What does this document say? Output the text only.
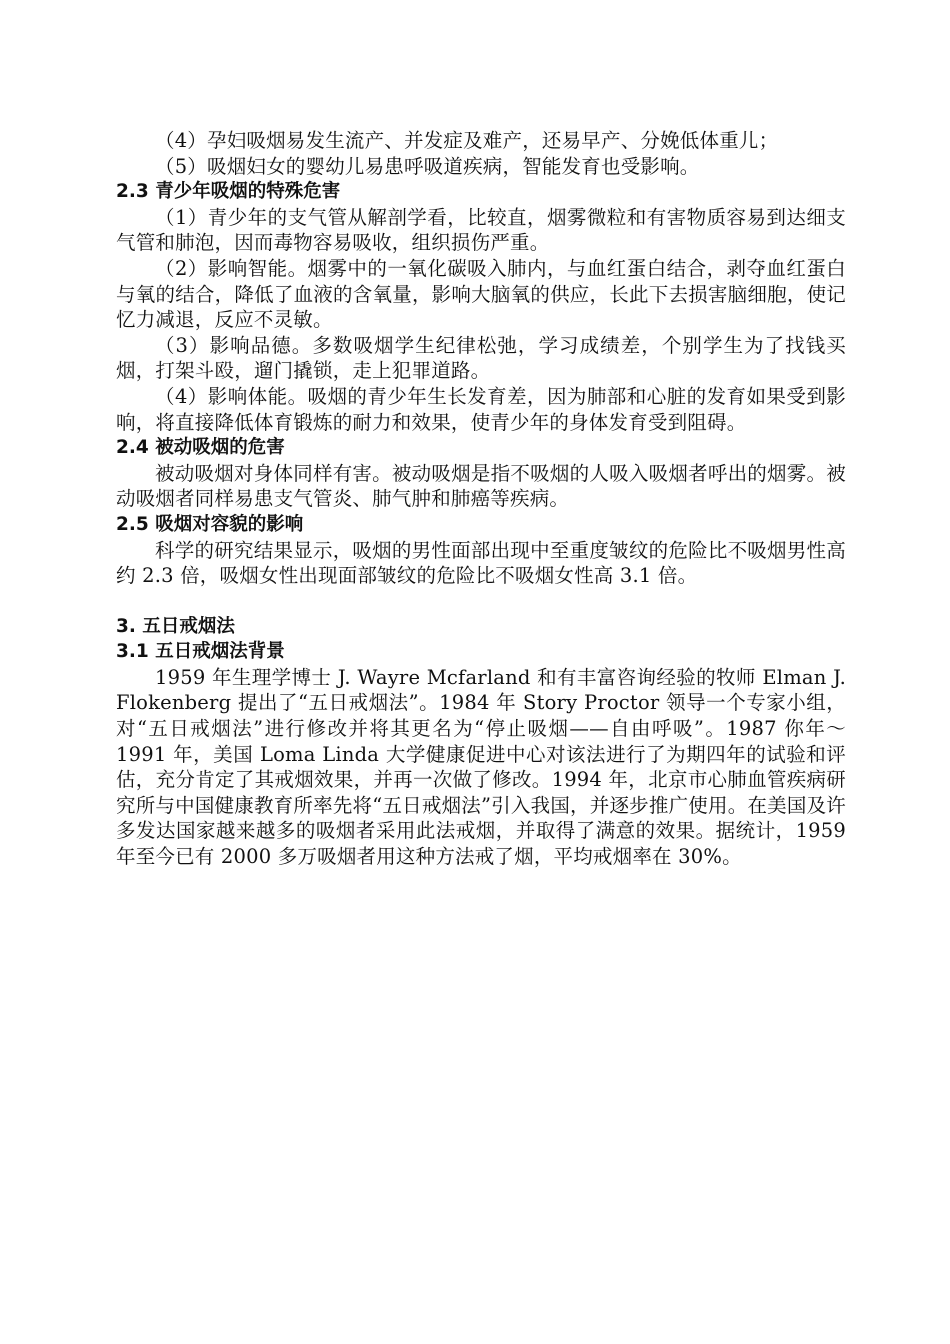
（4）孕妇吸烟易发生流产、并发症及难产，还易早产、分娩低体重儿；

（5）吸烟妇女的婴幼儿易患呼吸道疾病，智能发育也受影响。

2.3 青少年吸烟的特殊危害

（1）青少年的支气管从解剖学看，比较直，烟雾微粒和有害物质容易到达细支气管和肺泡，因而毒物容易吸收，组织损伤严重。

（2）影响智能。烟雾中的一氧化碳吸入肺内，与血红蛋白结合，剥夺血红蛋白与氧的结合，降低了血液的含氧量，影响大脑氧的供应，长此下去损害脑细胞，使记忆力减退，反应不灵敏。

（3）影响品德。多数吸烟学生纪律松弛，学习成绩差，个别学生为了找钱买烟，打架斗殴，遛门撬锁，走上犯罪道路。

（4）影响体能。吸烟的青少年生长发育差，因为肺部和心脏的发育如果受到影响，将直接降低体育锻炼的耐力和效果，使青少年的身体发育受到阻碍。

2.4 被动吸烟的危害

被动吸烟对身体同样有害。被动吸烟是指不吸烟的人吸入吸烟者呼出的烟雾。被动吸烟者同样易患支气管炎、肺气肿和肺癌等疾病。

2.5 吸烟对容貌的影响

科学的研究结果显示，吸烟的男性面部出现中至重度皱纹的危险比不吸烟男性高约 2.3 倍，吸烟女性出现面部皱纹的危险比不吸烟女性高 3.1 倍。

3. 五日戒烟法
3.1 五日戒烟法背景

1959 年生理学博士 J. Wayre Mcfarland 和有丰富咨询经验的牧师 Elman J. Flokenberg 提出了“五日戒烟法”。1984 年 Story Proctor 领导一个专家小组，对“五日戒烟法”进行修改并将其更名为“停止吸烟——自由呼吸”。1987 你年～1991 年，美国 Loma Linda 大学健康促进中心对该法进行了为期四年的试验和评估，充分肯定了其戒烟效果，并再一次做了修改。1994 年，北京市心肺血管疾病研究所与中国健康教育所率先将“五日戒烟法”引入我国，并逐步推广使用。在美国及许多发达国家越来越多的吸烟者采用此法戒烟，并取得了满意的效果。据统计，1959 年至今已有 2000 多万吸烟者用这种方法戒了烟，平均戒烟率在 30%。
